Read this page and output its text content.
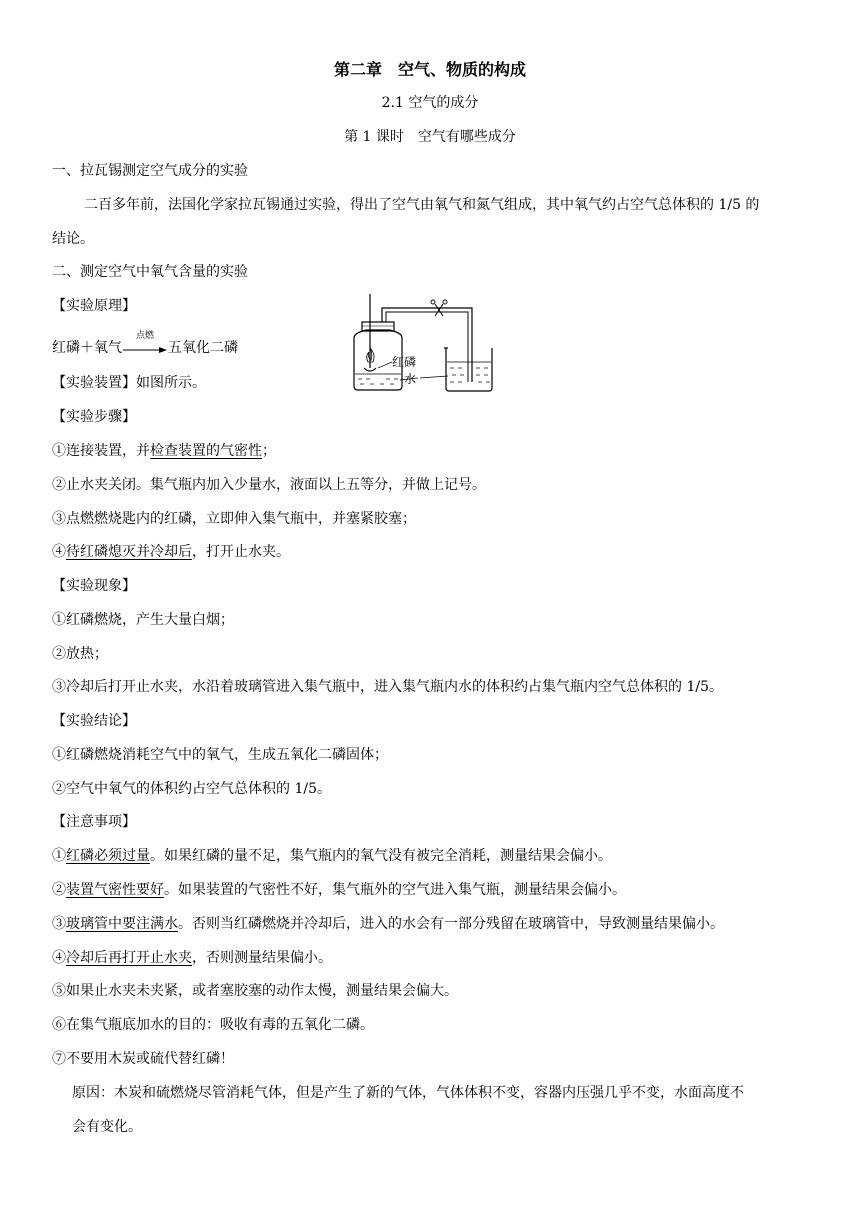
第二章　空气、物质的构成
2.1 空气的成分
第 1 课时　空气有哪些成分
一、拉瓦锡测定空气成分的实验
二百多年前，法国化学家拉瓦锡通过实验，得出了空气由氧气和氮气组成，其中氧气约占空气总体积的 1/5 的
结论。
二、测定空气中氧气含量的实验
【实验原理】
红磷＋氧气
点燃
五氧化二磷
【实验装置】如图所示。
红磷
水
【实验步骤】
①连接装置，并检查装置的气密性；
②止水夹关闭。集气瓶内加入少量水，液面以上五等分，并做上记号。
③点燃燃烧匙内的红磷，立即伸入集气瓶中，并塞紧胶塞；
④待红磷熄灭并冷却后，打开止水夹。
【实验现象】
①红磷燃烧，产生大量白烟；
②放热；
③冷却后打开止水夹，水沿着玻璃管进入集气瓶中，进入集气瓶内水的体积约占集气瓶内空气总体积的 1/5。
【实验结论】
①红磷燃烧消耗空气中的氧气，生成五氧化二磷固体；
②空气中氧气的体积约占空气总体积的 1/5。
【注意事项】
①红磷必须过量。如果红磷的量不足，集气瓶内的氧气没有被完全消耗，测量结果会偏小。
②装置气密性要好。如果装置的气密性不好，集气瓶外的空气进入集气瓶，测量结果会偏小。
③玻璃管中要注满水。否则当红磷燃烧并冷却后，进入的水会有一部分残留在玻璃管中，导致测量结果偏小。
④冷却后再打开止水夹，否则测量结果偏小。
⑤如果止水夹未夹紧，或者塞胶塞的动作太慢，测量结果会偏大。
⑥在集气瓶底加水的目的：吸收有毒的五氧化二磷。
⑦不要用木炭或硫代替红磷！
原因：木炭和硫燃烧尽管消耗气体，但是产生了新的气体，气体体积不变，容器内压强几乎不变，水面高度不
会有变化。
